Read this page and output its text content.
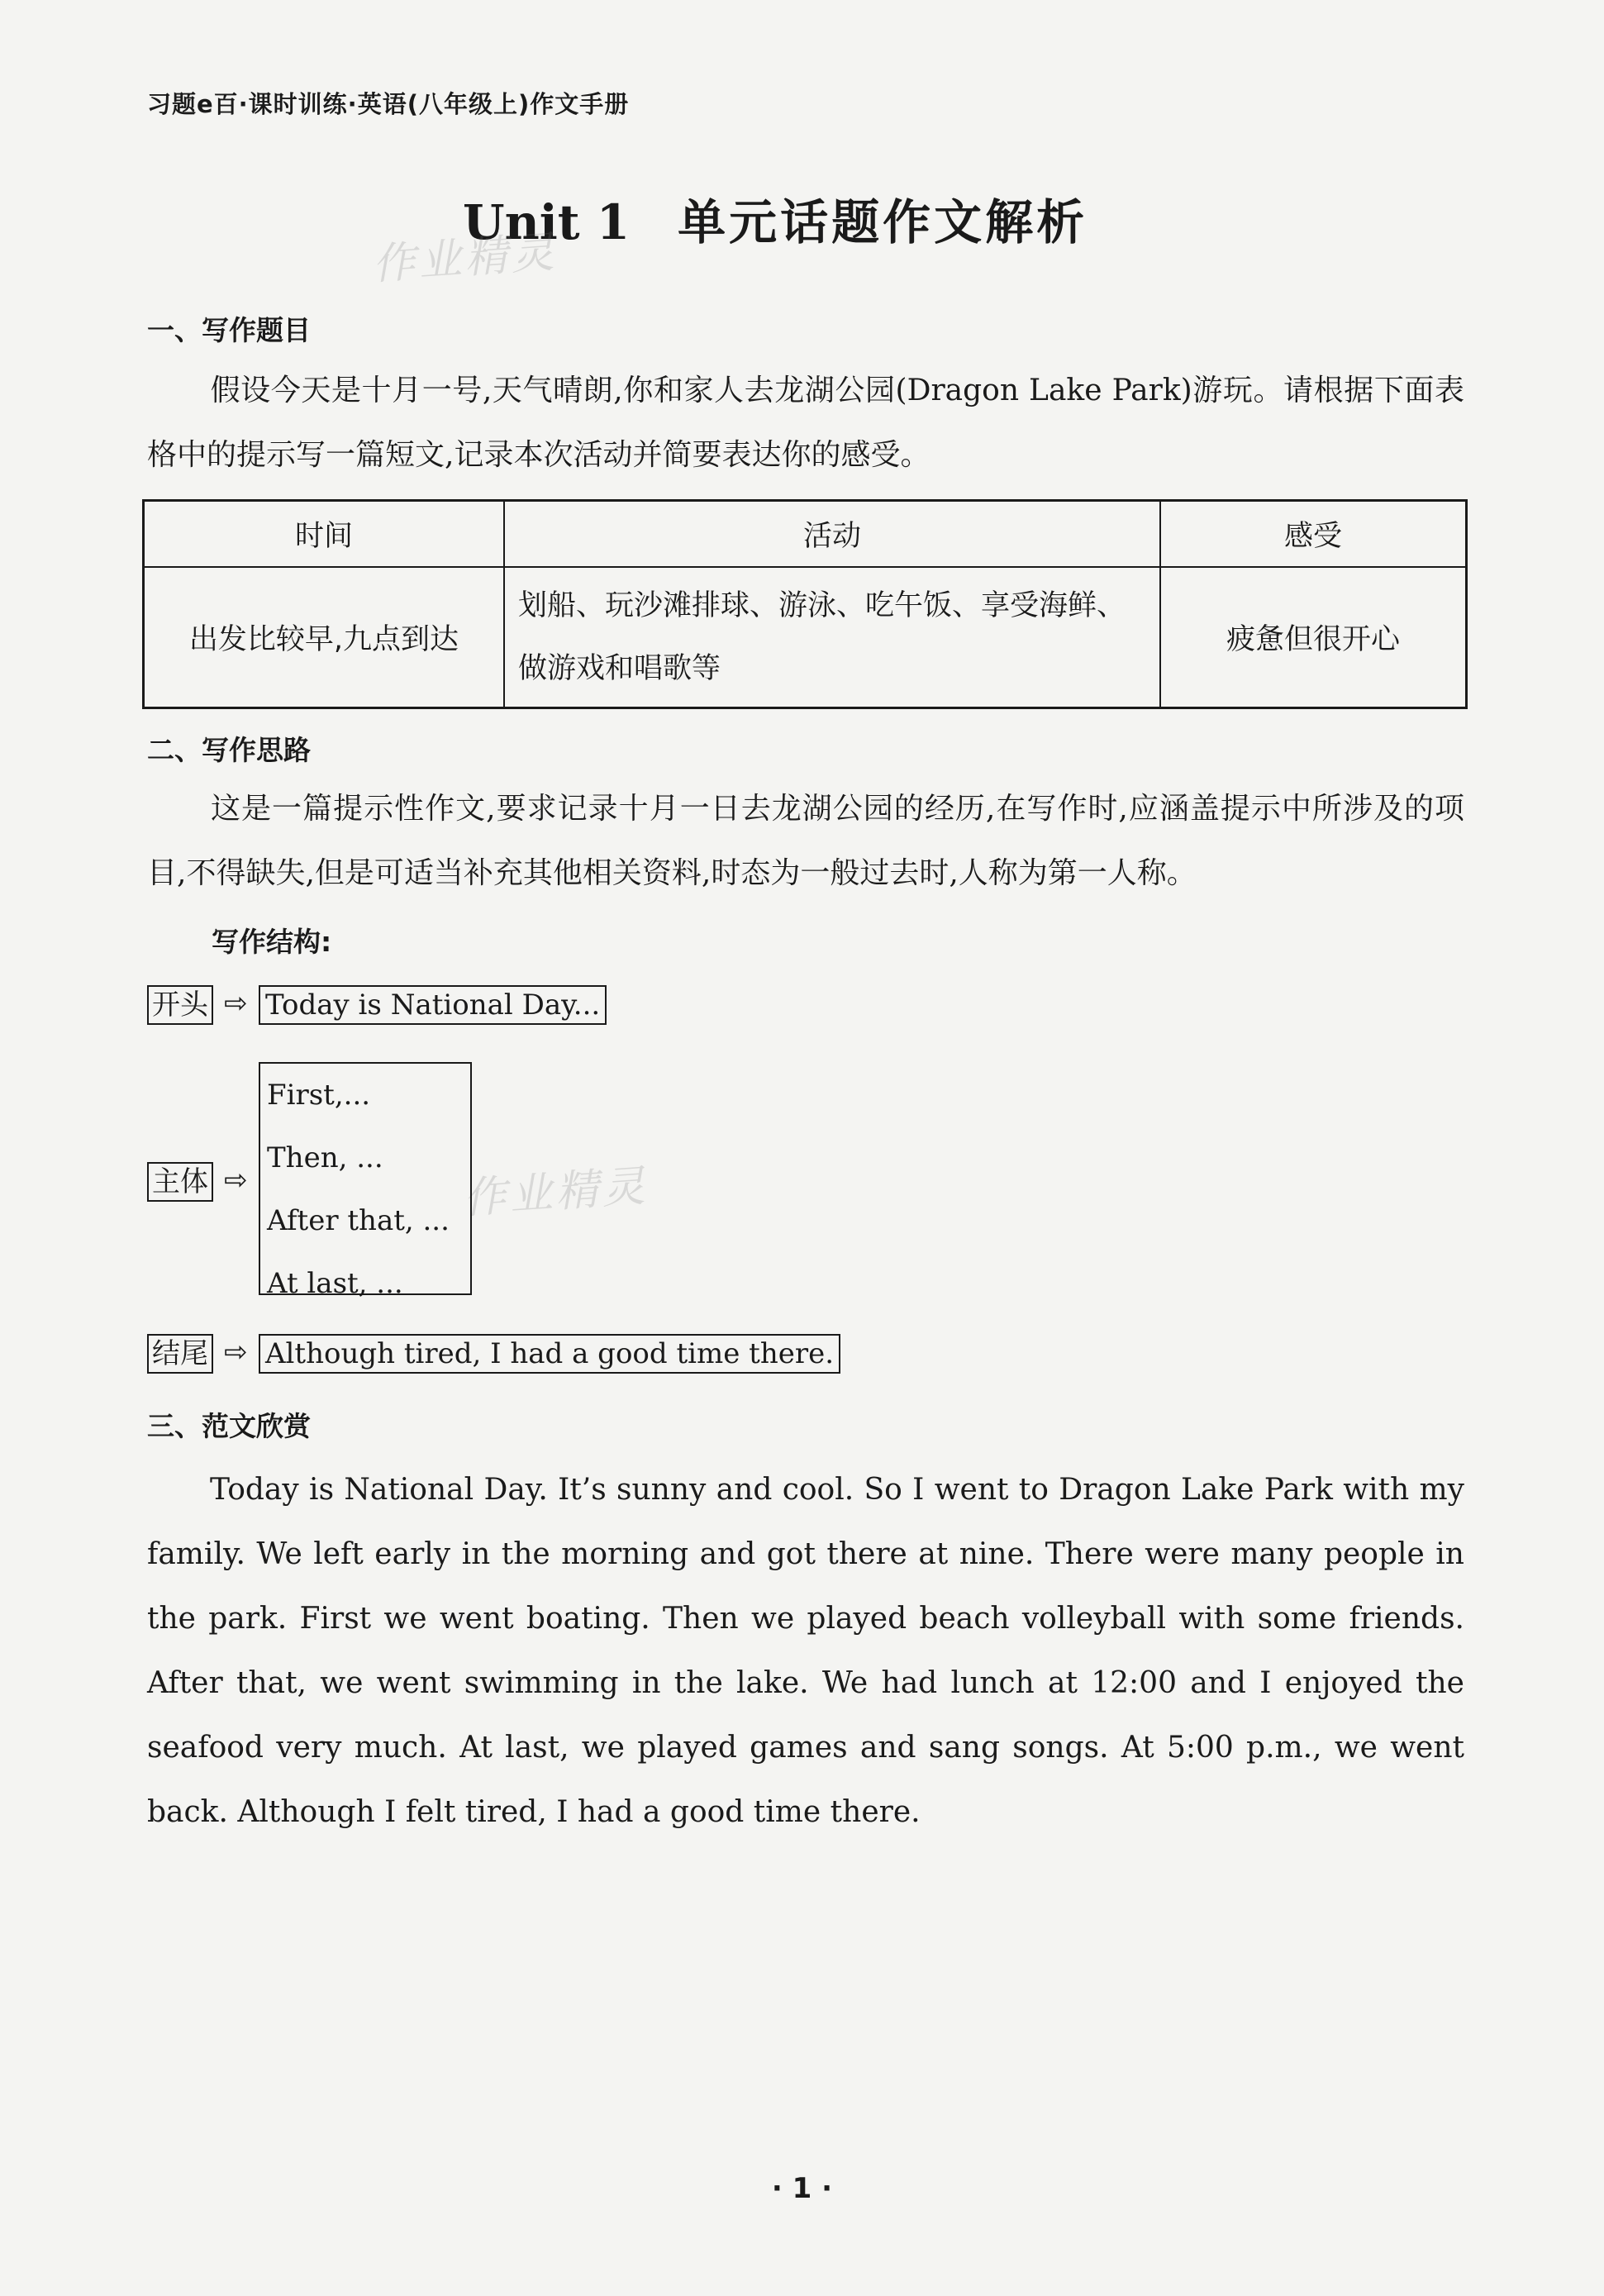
习题e百·课时训练·英语(八年级上)作文手册
Unit 1 单元话题作文解析
作业精灵
作业精灵
一、写作题目
假设今天是十月一号,天气晴朗,你和家人去龙湖公园(Dragon Lake Park)游玩。请根据下面表格中的提示写一篇短文,记录本次活动并简要表达你的感受。
时间	活动	感受
出发比较早,九点到达	划船、玩沙滩排球、游泳、吃午饭、享受海鲜、做游戏和唱歌等	疲惫但很开心
二、写作思路
这是一篇提示性作文,要求记录十月一日去龙湖公园的经历,在写作时,应涵盖提示中所涉及的项目,不得缺失,但是可适当补充其他相关资料,时态为一般过去时,人称为第一人称。
写作结构:
开头 ⇨ Today is National Day...
主体 ⇨
First,...
Then, ...
After that, ...
At last, ...
结尾 ⇨ Although tired, I had a good time there.
三、范文欣赏
Today is National Day. It’s sunny and cool. So I went to Dragon Lake Park with my family. We left early in the morning and got there at nine. There were many people in the park. First we went boating. Then we played beach volleyball with some friends. After that, we went swimming in the lake. We had lunch at 12:00 and I enjoyed the seafood very much. At last, we played games and sang songs. At 5:00 p.m., we went back. Although I felt tired, I had a good time there.
· 1 ·
